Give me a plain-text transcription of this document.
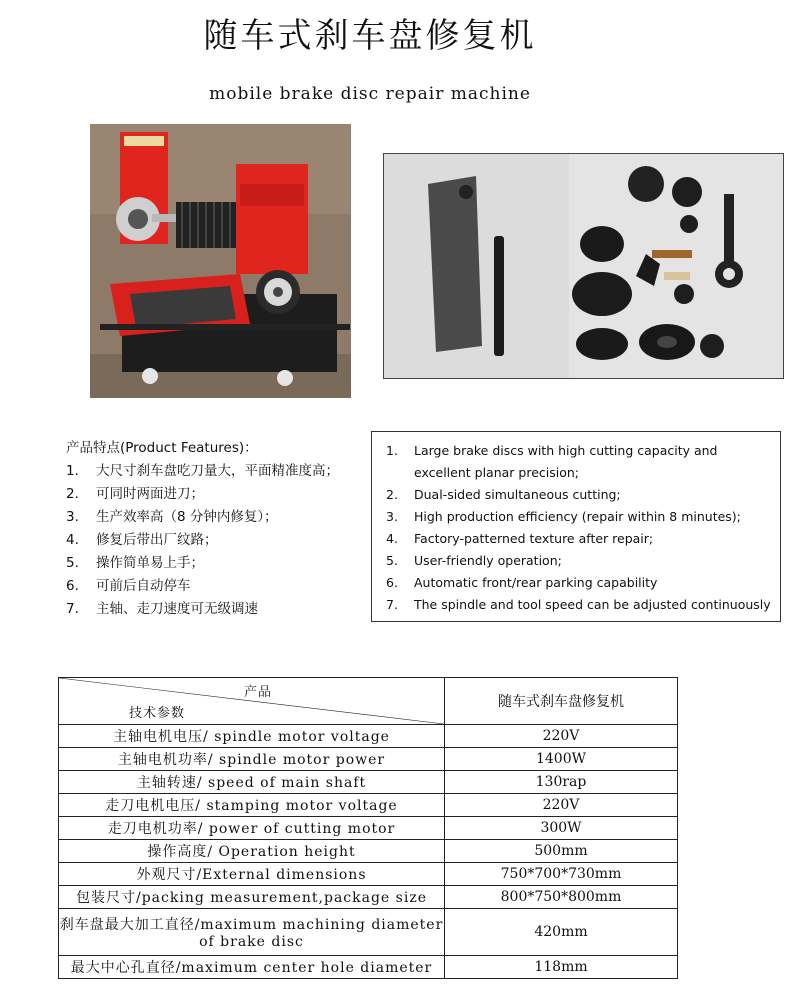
随车式刹车盘修复机
mobile brake disc repair machine
产品特点(Product Features)：
1.	大尺寸刹车盘吃刀量大，平面精准度高；
2.	可同时两面进刀；
3.	生产效率高（8 分钟内修复）；
4.	修复后带出厂纹路；
5.	操作简单易上手；
6.	可前后自动停车
7.	主轴、走刀速度可无级调速
1.	Large brake discs with high cutting capacity and excellent planar precision;
2.	Dual-sided simultaneous cutting;
3.	High production efficiency (repair within 8 minutes);
4.	Factory-patterned texture after repair;
5.	User-friendly operation;
6.	Automatic front/rear parking capability
7.	The spindle and tool speed can be adjusted continuously
产品
技术参数	随车式刹车盘修复机
主轴电机电压/ spindle motor voltage	220V
主轴电机功率/ spindle motor power	1400W
主轴转速/ speed of main shaft	130rap
走刀电机电压/ stamping motor voltage	220V
走刀电机功率/ power of cutting motor	300W
操作高度/ Operation height	500mm
外观尺寸/External dimensions	750*700*730mm
包装尺寸/packing measurement,package size	800*750*800mm
刹车盘最大加工直径/maximum machining diameter of brake disc	420mm
最大中心孔直径/maximum center hole diameter	118mm
